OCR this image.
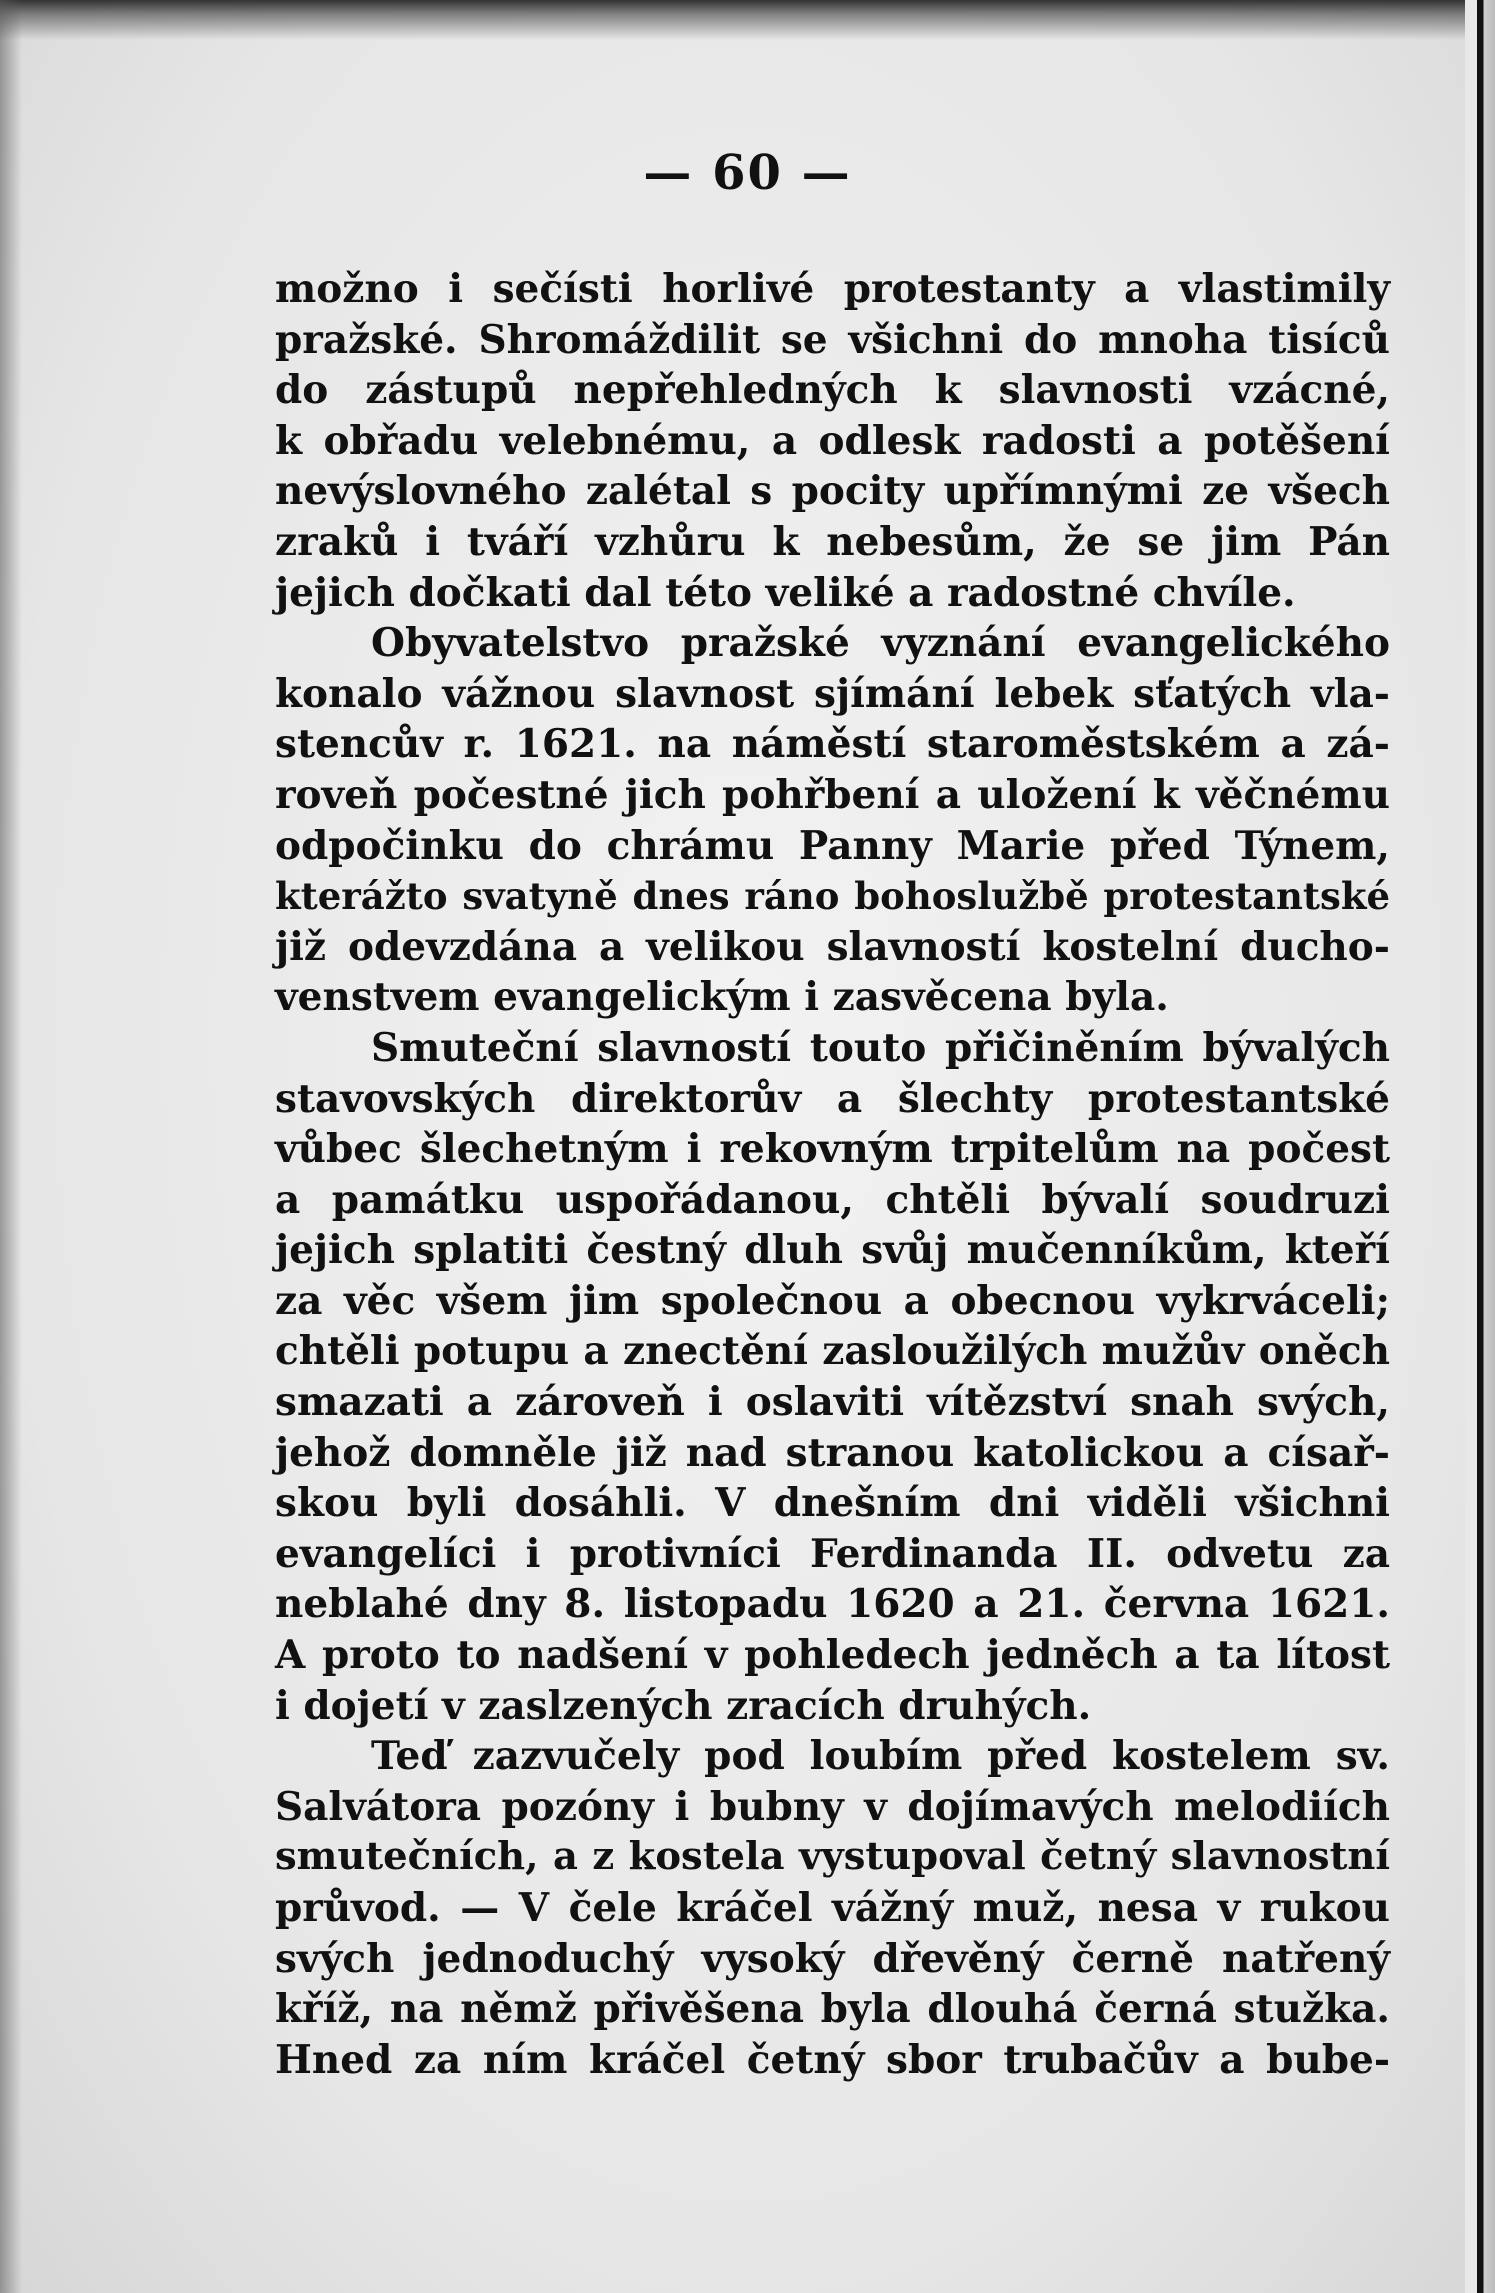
— 60 —
možno i sečísti horlivé protestanty a vlastimily
pražské. Shromáždilit se všichni do mnoha tisíců
do zástupů nepřehledných k slavnosti vzácné,
k obřadu velebnému, a odlesk radosti a potěšení
nevýslovného zalétal s pocity upřímnými ze všech
zraků i tváří vzhůru k nebesům, že se jim Pán
jejich dočkati dal této veliké a radostné chvíle.
Obyvatelstvo pražské vyznání evangelického
konalo vážnou slavnost sjímání lebek sťatých vla-
stencův r. 1621. na náměstí staroměstském a zá-
roveň počestné jich pohřbení a uložení k věčnému
odpočinku do chrámu Panny Marie před Týnem,
kterážto svatyně dnes ráno bohoslužbě protestantské
již odevzdána a velikou slavností kostelní ducho-
venstvem evangelickým i zasvěcena byla.
Smuteční slavností touto přičiněním bývalých
stavovských direktorův a šlechty protestantské
vůbec šlechetným i rekovným trpitelům na počest
a památku uspořádanou, chtěli bývalí soudruzi
jejich splatiti čestný dluh svůj mučenníkům, kteří
za věc všem jim společnou a obecnou vykrváceli;
chtěli potupu a znectění zasloužilých mužův oněch
smazati a zároveň i oslaviti vítězství snah svých,
jehož domněle již nad stranou katolickou a císař-
skou byli dosáhli. V dnešním dni viděli všichni
evangelíci i protivníci Ferdinanda II. odvetu za
neblahé dny 8. listopadu 1620 a 21. června 1621.
A proto to nadšení v pohledech jedněch a ta lítost
i dojetí v zaslzených zracích druhých.
Teď zazvučely pod loubím před kostelem sv.
Salvátora pozóny i bubny v dojímavých melodiích
smutečních, a z kostela vystupoval četný slavnostní
průvod. — V čele kráčel vážný muž, nesa v rukou
svých jednoduchý vysoký dřevěný černě natřený
kříž, na němž přivěšena byla dlouhá černá stužka.
Hned za ním kráčel četný sbor trubačův a bube-
